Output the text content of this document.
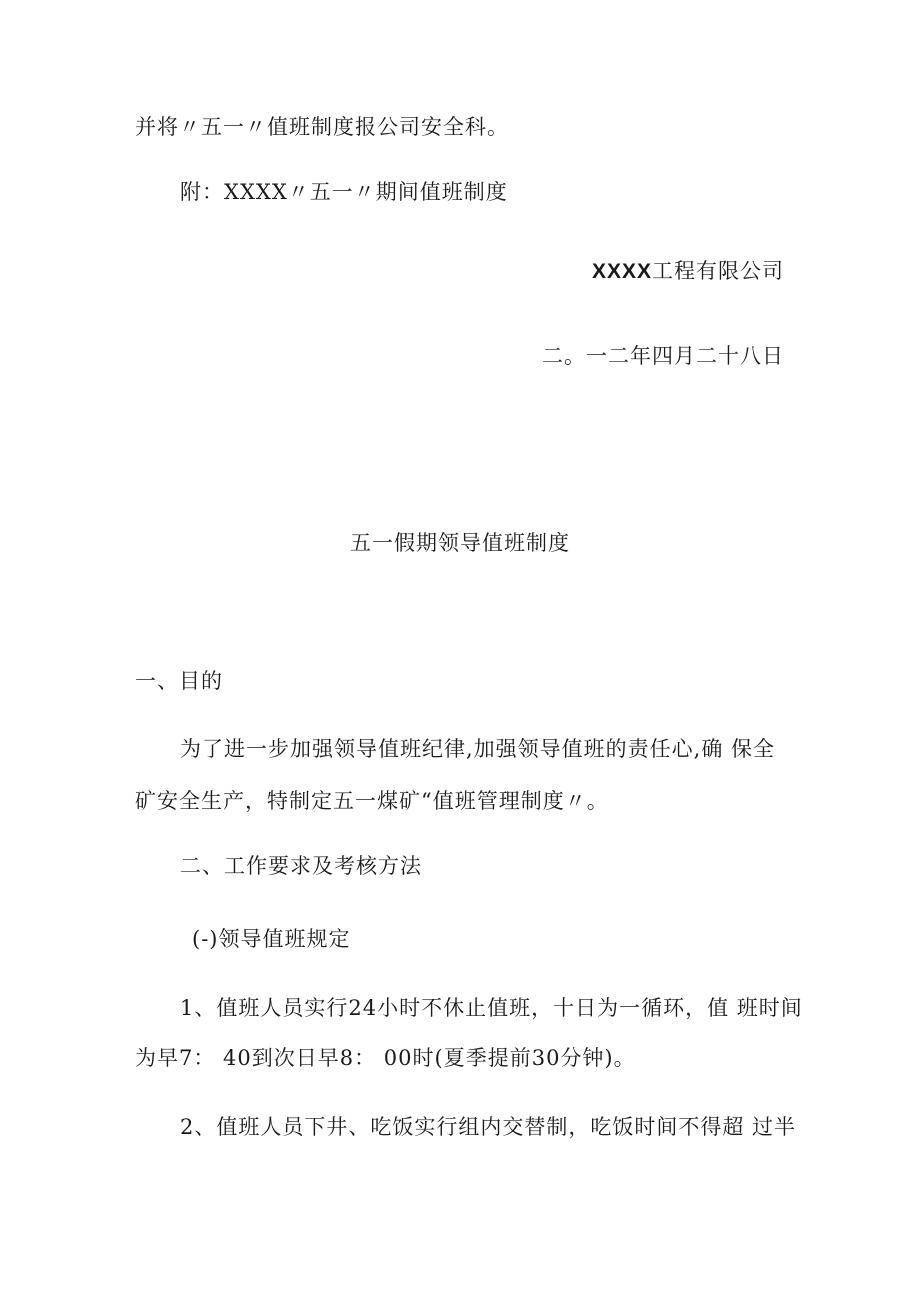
并将〃五一〃值班制度报公司安全科。
附：XXXX〃五一〃期间值班制度
XXXX工程有限公司
二。一二年四月二十八日
五一假期领导值班制度
一、目的
为了进一步加强领导值班纪律,加强领导值班的责任心,确 保全
矿安全生产，特制定五一煤矿“值班管理制度〃。
二、工作要求及考核方法
(-)领导值班规定
1、值班人员实行24小时不休止值班，十日为一循环，值 班时间
为早7： 40到次日早8： 00时(夏季提前30分钟)。
2、值班人员下井、吃饭实行组内交替制，吃饭时间不得超 过半
